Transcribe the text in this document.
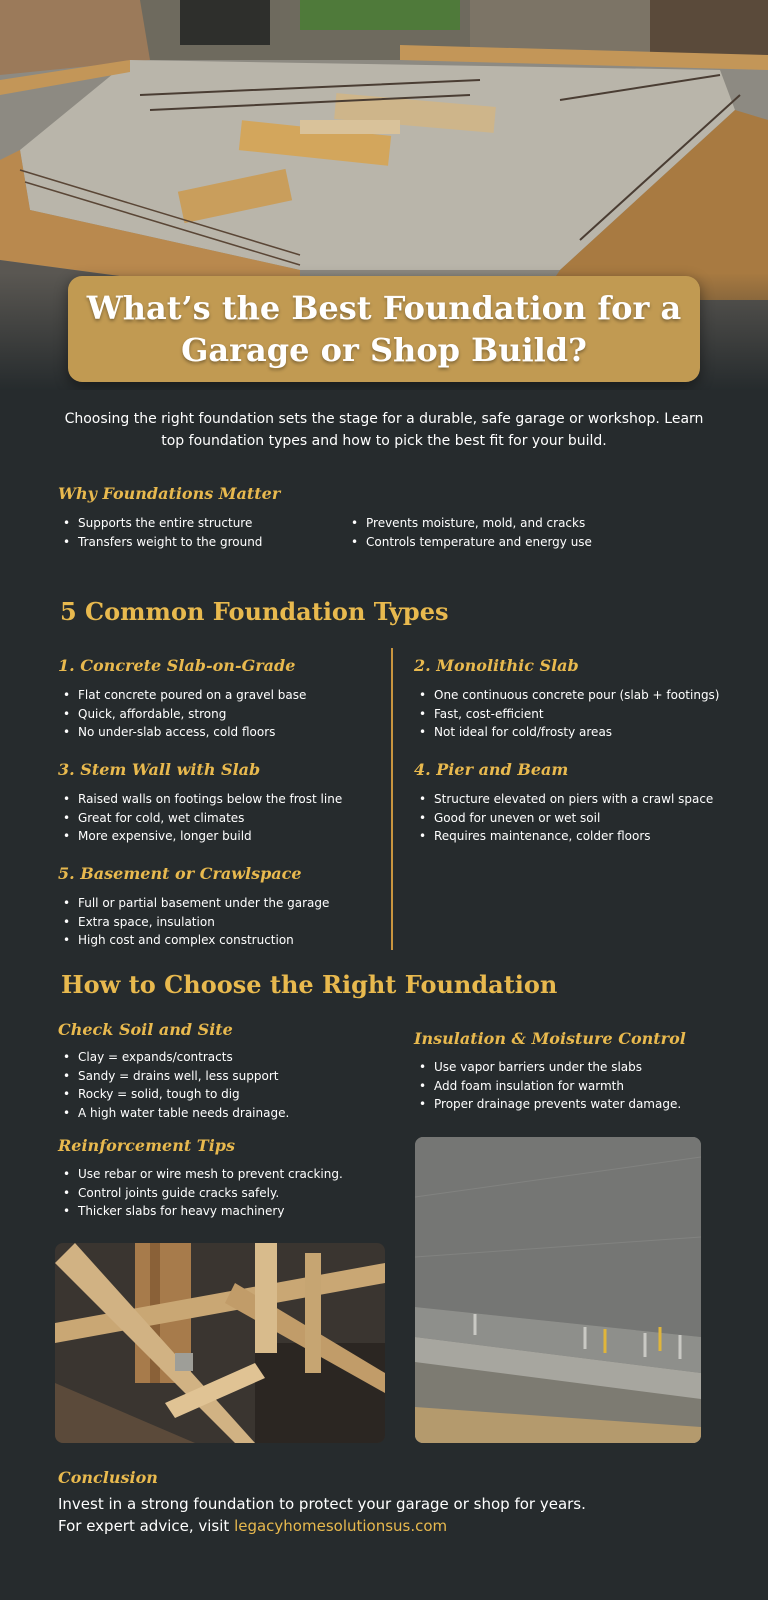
What’s the Best Foundation for a Garage or Shop Build?
Choosing the right foundation sets the stage for a durable, safe garage or workshop. Learn top foundation types and how to pick the best fit for your build.
Why Foundations Matter
• Supports the entire structure
• Transfers weight to the ground
• Prevents moisture, mold, and cracks
• Controls temperature and energy use
5 Common Foundation Types
1. Concrete Slab-on-Grade
• Flat concrete poured on a gravel base
• Quick, affordable, strong
• No under-slab access, cold floors
3. Stem Wall with Slab
• Raised walls on footings below the frost line
• Great for cold, wet climates
• More expensive, longer build
5. Basement or Crawlspace
• Full or partial basement under the garage
• Extra space, insulation
• High cost and complex construction
2. Monolithic Slab
• One continuous concrete pour (slab + footings)
• Fast, cost-efficient
• Not ideal for cold/frosty areas
4. Pier and Beam
• Structure elevated on piers with a crawl space
• Good for uneven or wet soil
• Requires maintenance, colder floors
How to Choose the Right Foundation
Check Soil and Site
• Clay = expands/contracts
• Sandy = drains well, less support
• Rocky = solid, tough to dig
• A high water table needs drainage.
Reinforcement Tips
• Use rebar or wire mesh to prevent cracking.
• Control joints guide cracks safely.
• Thicker slabs for heavy machinery
Insulation & Moisture Control
• Use vapor barriers under the slabs
• Add foam insulation for warmth
• Proper drainage prevents water damage.
Conclusion
Invest in a strong foundation to protect your garage or shop for years.
For expert advice, visit legacyhomesolutionsus.com
